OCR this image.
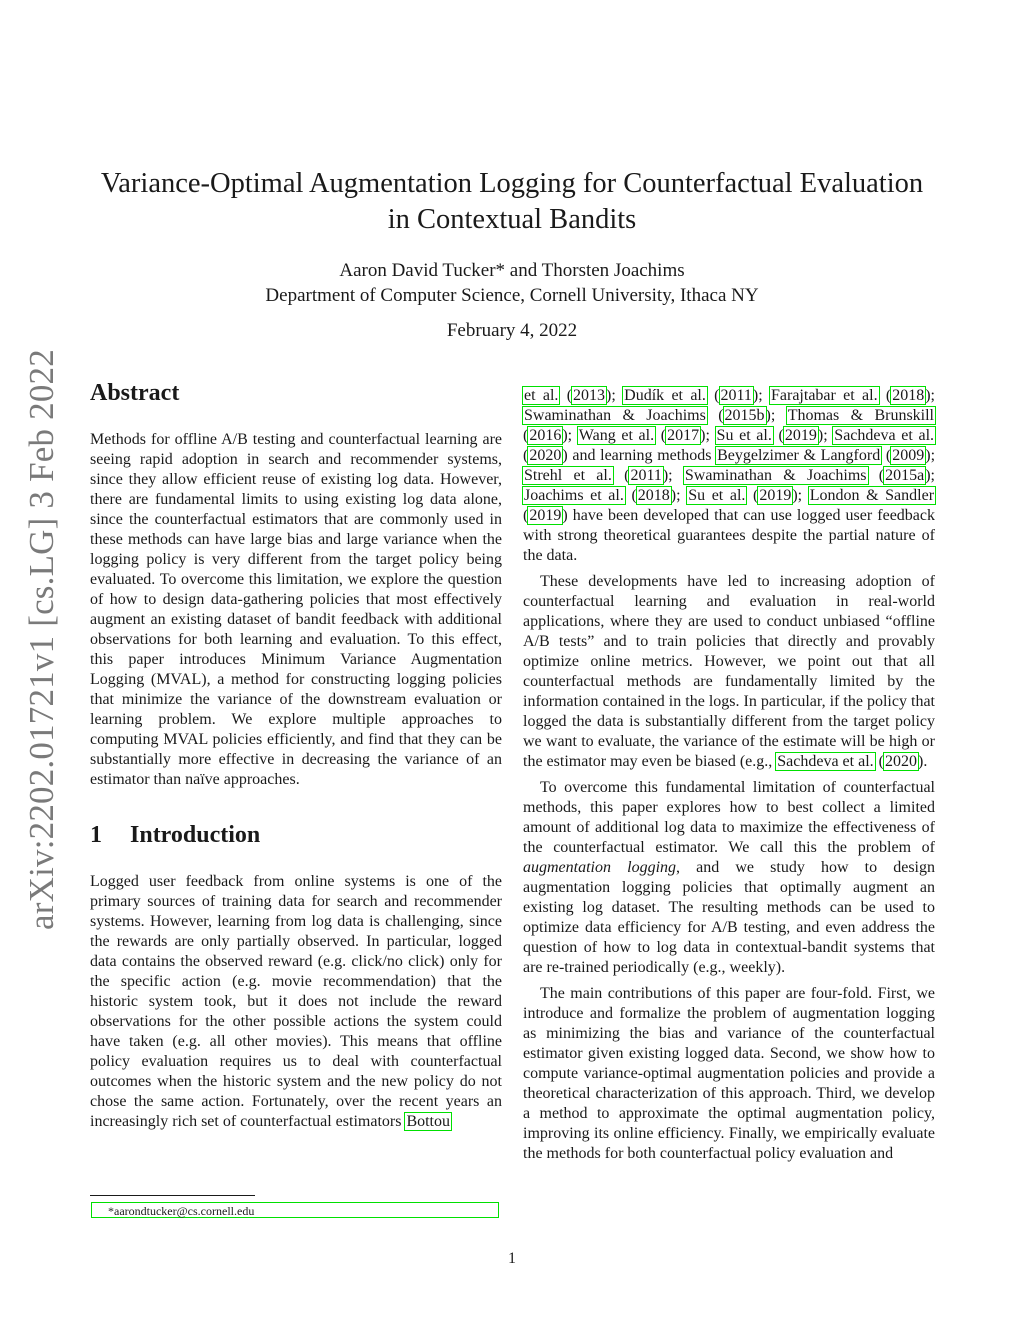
arXiv:2202.01721v1 [cs.LG] 3 Feb 2022
Variance-Optimal Augmentation Logging for Counterfactual Evaluation
in Contextual Bandits
Aaron David Tucker* and Thorsten Joachims
Department of Computer Science, Cornell University, Ithaca NY
February 4, 2022
Abstract

Methods for offline A/B testing and counterfactual learning are seeing rapid adoption in search and recommender systems, since they allow efficient reuse of existing log data. However, there are fundamental limits to using existing log data alone, since the counterfactual estimators that are commonly used in these methods can have large bias and large variance when the logging policy is very different from the target policy being evaluated. To overcome this limitation, we explore the question of how to design data-gathering policies that most effectively augment an existing dataset of bandit feedback with additional observations for both learning and evaluation. To this effect, this paper introduces Minimum Variance Augmentation Logging (MVAL), a method for constructing logging policies that minimize the variance of the downstream evaluation or learning problem. We explore multiple approaches to computing MVAL policies efficiently, and find that they can be substantially more effective in decreasing the variance of an estimator than naïve approaches.

1 Introduction

Logged user feedback from online systems is one of the primary sources of training data for search and recommender systems. However, learning from log data is challenging, since the rewards are only partially observed. In particular, logged data contains the observed reward (e.g. click/no click) only for the specific action (e.g. movie recommendation) that the historic system took, but it does not include the reward observations for the other possible actions the system could have taken (e.g. all other movies). This means that offline policy evaluation requires us to deal with counterfactual outcomes when the historic system and the new policy do not chose the same action. Fortunately, over the recent years an increasingly rich set of counterfactual estimators Bottou

et al. (2013); Dudík et al. (2011); Farajtabar et al. (2018); Swaminathan & Joachims (2015b); Thomas & Brunskill (2016); Wang et al. (2017); Su et al. (2019); Sachdeva et al. (2020) and learning methods Beygelzimer & Langford (2009); Strehl et al. (2011); Swaminathan & Joachims (2015a); Joachims et al. (2018); Su et al. (2019); London & Sandler (2019) have been developed that can use logged user feedback with strong theoretical guarantees despite the partial nature of the data.

These developments have led to increasing adoption of counterfactual learning and evaluation in real-world applications, where they are used to conduct unbiased “offline A/B tests” and to train policies that directly and provably optimize online metrics. However, we point out that all counterfactual methods are fundamentally limited by the information contained in the logs. In particular, if the policy that logged the data is substantially different from the target policy we want to evaluate, the variance of the estimate will be high or the estimator may even be biased (e.g., Sachdeva et al. (2020).

To overcome this fundamental limitation of counterfactual methods, this paper explores how to best collect a limited amount of additional log data to maximize the effectiveness of the counterfactual estimator. We call this the problem of augmentation logging, and we study how to design augmentation logging policies that optimally augment an existing log dataset. The resulting methods can be used to optimize data efficiency for A/B testing, and even address the question of how to log data in contextual-bandit systems that are re-trained periodically (e.g., weekly).

The main contributions of this paper are four-fold. First, we introduce and formalize the problem of augmentation logging as minimizing the bias and variance of the counterfactual estimator given existing logged data. Second, we show how to compute variance-optimal augmentation policies and provide a theoretical characterization of this approach. Third, we develop a method to approximate the optimal augmentation policy, improving its online efficiency. Finally, we empirically evaluate the methods for both counterfactual policy evaluation and

*aarondtucker@cs.cornell.edu
1
